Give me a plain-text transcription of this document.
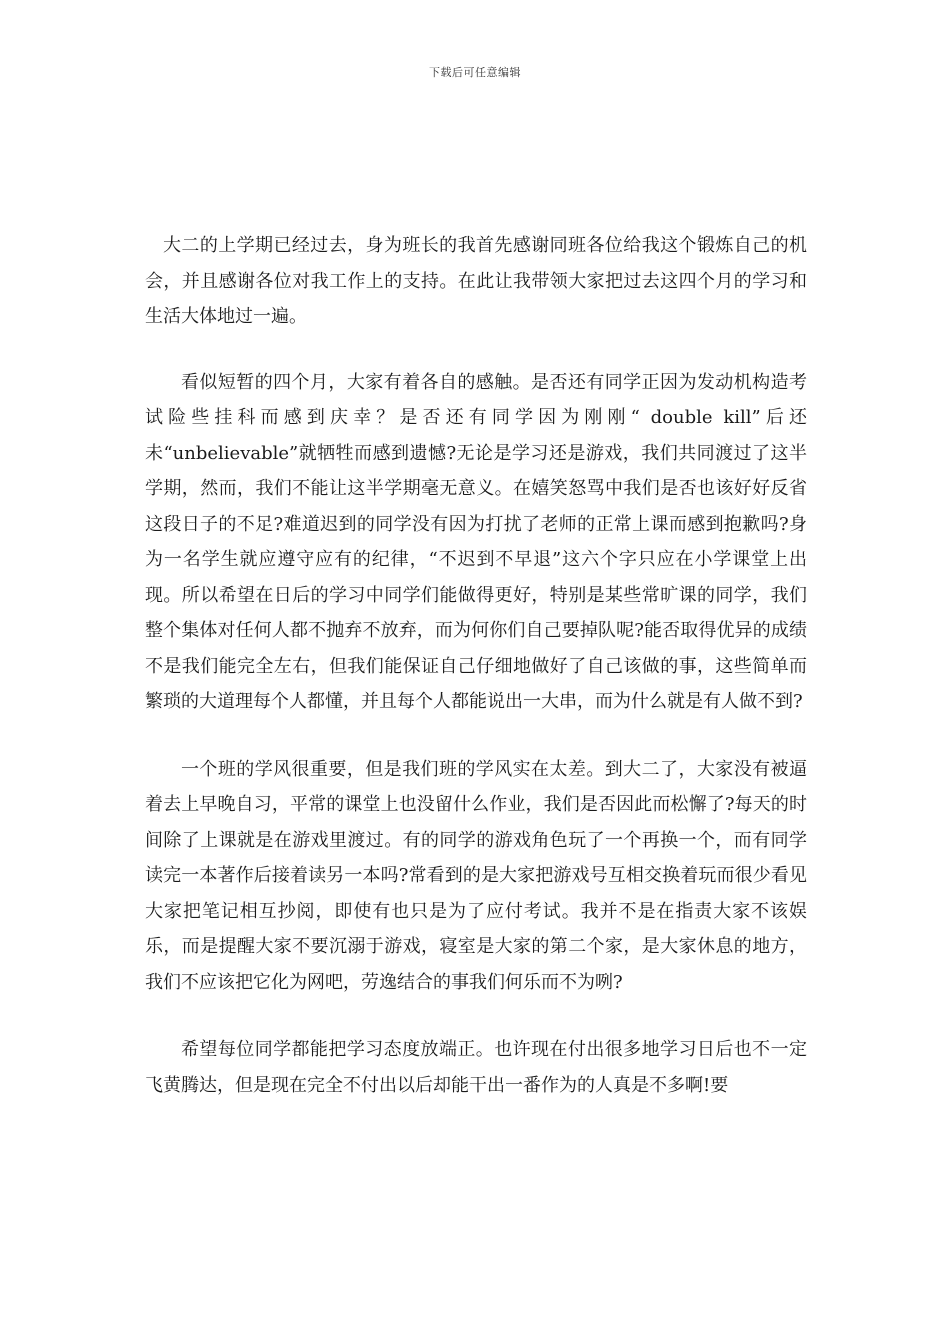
下载后可任意编辑

大二的上学期已经过去，身为班长的我首先感谢同班各位给我这个锻炼自己的机会，并且感谢各位对我工作上的支持。在此让我带领大家把过去这四个月的学习和生活大体地过一遍。

看似短暂的四个月，大家有着各自的感触。是否还有同学正因为发动机构造考试险些挂科而感到庆幸？是否还有同学因为刚刚“ double kill”后还未“unbelievable”就牺牲而感到遗憾?无论是学习还是游戏，我们共同渡过了这半学期，然而，我们不能让这半学期毫无意义。在嬉笑怒骂中我们是否也该好好反省这段日子的不足?难道迟到的同学没有因为打扰了老师的正常上课而感到抱歉吗?身为一名学生就应遵守应有的纪律，“不迟到不早退”这六个字只应在小学课堂上出现。所以希望在日后的学习中同学们能做得更好，特别是某些常旷课的同学，我们整个集体对任何人都不抛弃不放弃，而为何你们自己要掉队呢?能否取得优异的成绩不是我们能完全左右，但我们能保证自己仔细地做好了自己该做的事，这些简单而繁琐的大道理每个人都懂，并且每个人都能说出一大串，而为什么就是有人做不到?

一个班的学风很重要，但是我们班的学风实在太差。到大二了，大家没有被逼着去上早晚自习，平常的课堂上也没留什么作业，我们是否因此而松懈了?每天的时间除了上课就是在游戏里渡过。有的同学的游戏角色玩了一个再换一个，而有同学读完一本著作后接着读另一本吗?常看到的是大家把游戏号互相交换着玩而很少看见大家把笔记相互抄阅，即使有也只是为了应付考试。我并不是在指责大家不该娱乐，而是提醒大家不要沉溺于游戏，寝室是大家的第二个家，是大家休息的地方，我们不应该把它化为网吧，劳逸结合的事我们何乐而不为咧?

希望每位同学都能把学习态度放端正。也许现在付出很多地学习日后也不一定飞黄腾达，但是现在完全不付出以后却能干出一番作为的人真是不多啊!要
